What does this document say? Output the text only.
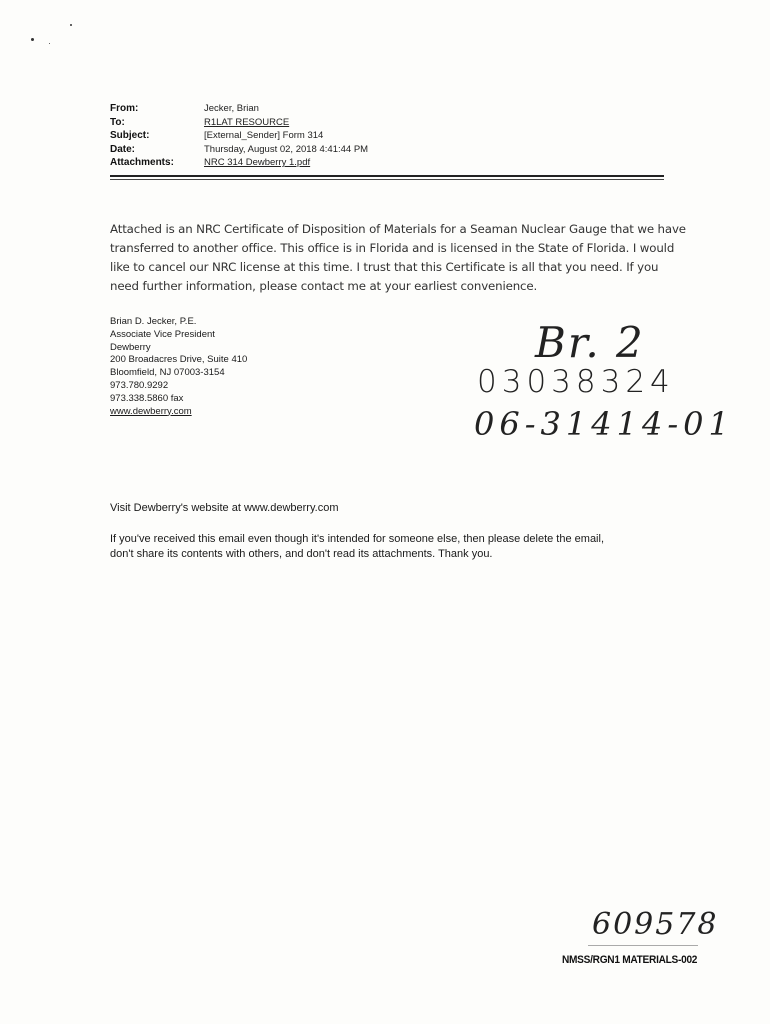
From:	Jecker, Brian
To:	R1LAT RESOURCE
Subject:	[External_Sender] Form 314
Date:	Thursday, August 02, 2018 4:41:44 PM
Attachments:	NRC 314 Dewberry 1.pdf
Attached is an NRC Certificate of Disposition of Materials for a Seaman Nuclear Gauge that we have
transferred to another office. This office is in Florida and is licensed in the State of Florida. I would
like to cancel our NRC license at this time. I trust that this Certificate is all that you need. If you
need further information, please contact me at your earliest convenience.
Brian D. Jecker, P.E.
Associate Vice President
Dewberry
200 Broadacres Drive, Suite 410
Bloomfield, NJ 07003-3154
973.780.9292
973.338.5860 fax
www.dewberry.com
Br. 2
03038324
06-31414-01
Visit Dewberry's website at www.dewberry.com
If you've received this email even though it's intended for someone else, then please delete the email,
don't share its contents with others, and don't read its attachments. Thank you.
609578
NMSS/RGN1 MATERIALS-002
